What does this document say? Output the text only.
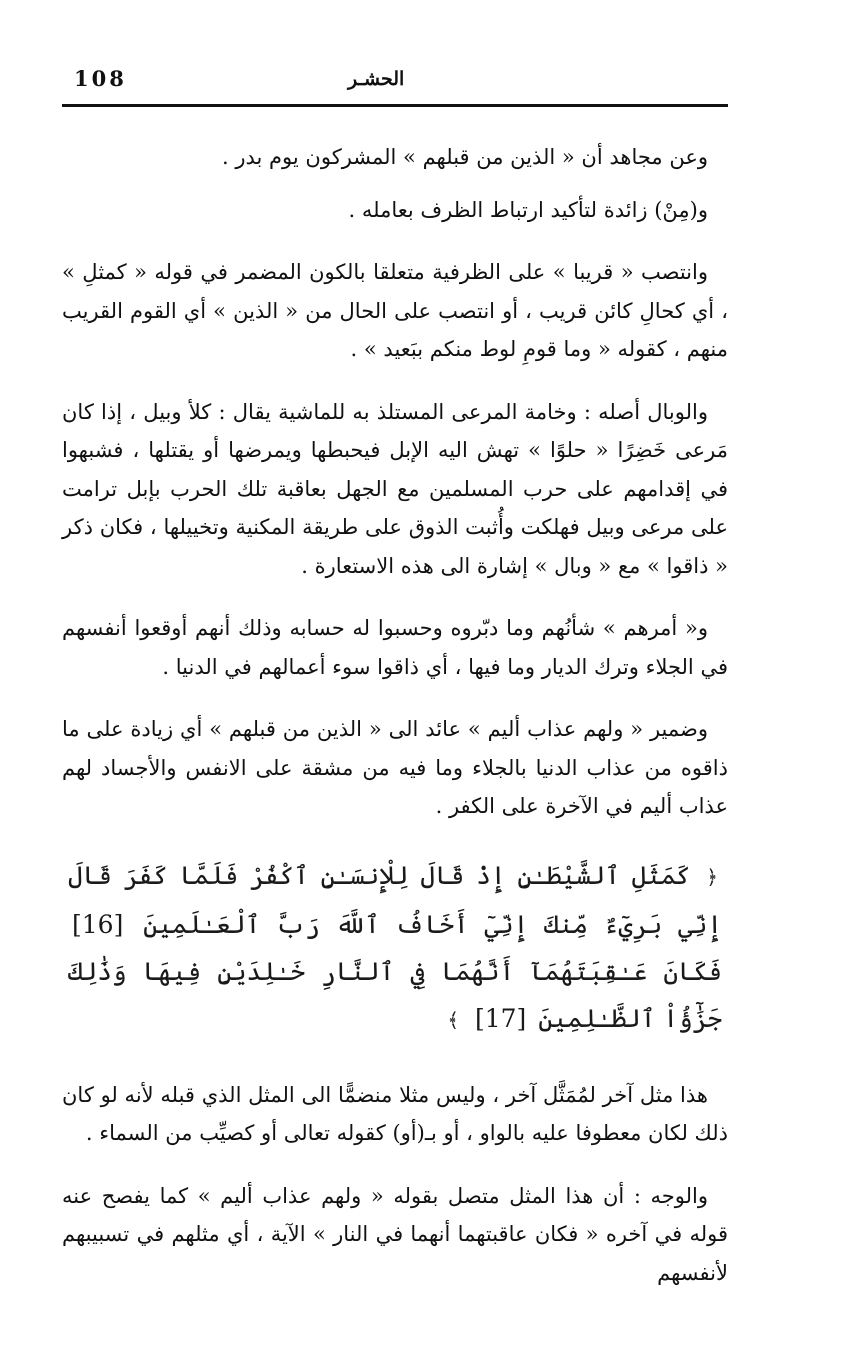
108	الحشـر

وعن مجاهد أن « الذين من قبلهم » المشركون يوم بدر .

و(مِنْ) زائدة لتأكيد ارتباط الظرف بعامله .

وانتصب « قريبا » على الظرفية متعلقا بالكون المضمر في قوله « كمثلِ » ، أي كحالِ كائن قريب ، أو انتصب على الحال من « الذين » أي القوم القريب منهم ، كقوله « وما قومِ لوط منكم ببَعيد » .

والوبال أصله : وخامة المرعى المستلذ به للماشية يقال : كلأ وبيل ، إذا كان مَرعى خَضِرًا « حلوًا » تهش اليه الإبل فيحبطها ويمرضها أو يقتلها ، فشبهوا في إقدامهم على حرب المسلمين مع الجهل بعاقبة تلك الحرب بإبل ترامت على مرعى وبيل فهلكت وأُثبت الذوق على طريقة المكنية وتخييلها ، فكان ذكر « ذاقوا » مع « وبال » إشارة الى هذه الاستعارة .

و« أمرهم » شأنُهم وما دبّروه وحسبوا له حسابه وذلك أنهم أوقعوا أنفسهم في الجلاء وترك الديار وما فيها ، أي ذاقوا سوء أعمالهم في الدنيا .

وضمير « ولهم عذاب أليم » عائد الى « الذين من قبلهم » أي زيادة على ما ذاقوه من عذاب الدنيا بالجلاء وما فيه من مشقة على الانفس والأجساد لهم عذاب أليم في الآخرة على الكفر .

﴿ كَمَثَلِ ٱلشَّيْطَـٰنِ إِذْ قَالَ لِلْإِنسَـٰنِ ٱكْفُرْ فَلَمَّا كَفَرَ قَالَ إِنِّي بَرِيٓءٌ مِّنكَ إِنِّيٓ أَخَافُ ٱللَّهَ رَبَّ ٱلْعَـٰلَمِينَ [16] فَكَانَ عَـٰقِبَتَهُمَآ أَنَّهُمَا فِي ٱلنَّارِ خَـٰلِدَيْنِ فِيهَا وَذَٰلِكَ جَزَٰٓؤُاْ ٱلظَّـٰلِمِينَ [17] ﴾

هذا مثل آخر لمُمَثَّل آخر ، وليس مثلا منضمًّا الى المثل الذي قبله لأنه لو كان ذلك لكان معطوفا عليه بالواو ، أو بـ(أو) كقوله تعالى أو كصيِّب من السماء .

والوجه : أن هذا المثل متصل بقوله « ولهم عذاب أليم » كما يفصح عنه قوله في آخره « فكان عاقبتهما أنهما في النار » الآية ، أي مثلهم في تسبيبهم لأنفسهم
